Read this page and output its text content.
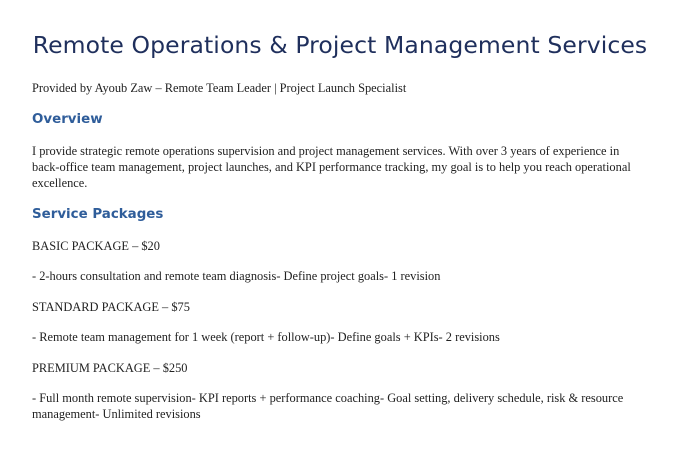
Remote Operations & Project Management Services

Provided by Ayoub Zaw – Remote Team Leader | Project Launch Specialist

Overview

I provide strategic remote operations supervision and project management services. With over 3 years of experience in back-office team management, project launches, and KPI performance tracking, my goal is to help you reach operational excellence.

Service Packages

BASIC PACKAGE – $20

- 2-hours consultation and remote team diagnosis- Define project goals- 1 revision

STANDARD PACKAGE – $75

- Remote team management for 1 week (report + follow-up)- Define goals + KPIs- 2 revisions

PREMIUM PACKAGE – $250

- Full month remote supervision- KPI reports + performance coaching- Goal setting, delivery schedule, risk & resource management- Unlimited revisions
